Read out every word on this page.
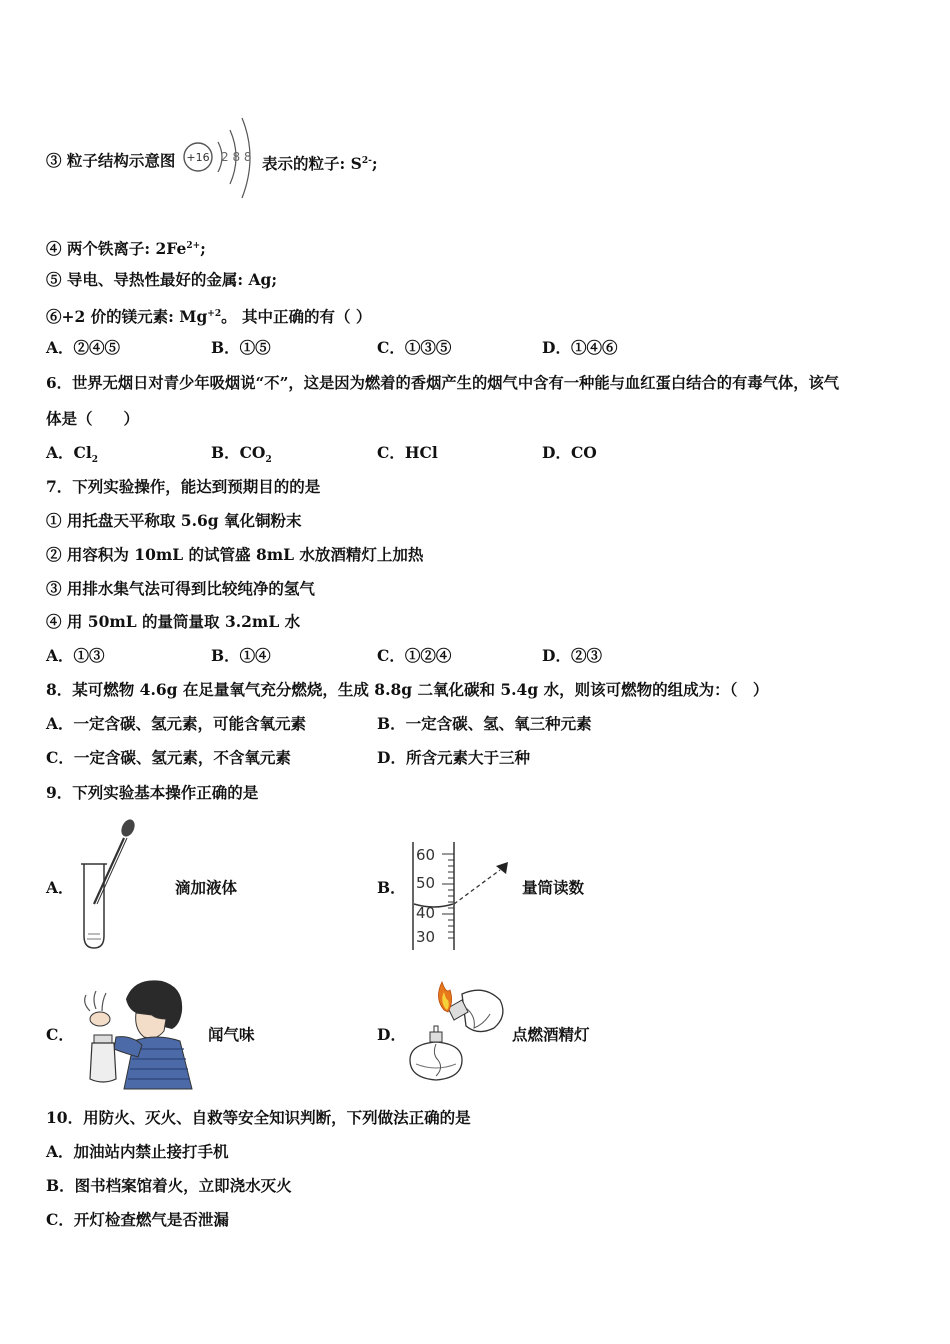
③ 粒子结构示意图 +16 2 8 8 表示的粒子: $S^{2-}$;
④ 两个铁离子: $2Fe^{2+}$;
⑤ 导电、导热性最好的金属: Ag;
⑥+2 价的镁元素: $Mg^{+2}$。 其中正确的有（ ）
A．②④⑤	B．①⑤	C．①③⑤	D．①④⑥
6．世界无烟日对青少年吸烟说“不”，这是因为燃着的香烟产生的烟气中含有一种能与血红蛋白结合的有毒气体，该气
体是（　　）
A．$Cl_2$	B．$CO_2$	C．HCl	D．CO
7．下列实验操作，能达到预期目的的是
① 用托盘天平称取 5.6g 氧化铜粉末
② 用容积为 10mL 的试管盛 8mL 水放酒精灯上加热
③ 用排水集气法可得到比较纯净的氢气
④ 用 50mL 的量筒量取 3.2mL 水
A．①③	B．①④	C．①②④	D．②③
8．某可燃物 4.6g 在足量氧气充分燃烧，生成 8.8g 二氧化碳和 5.4g 水，则该可燃物的组成为：（　）
A．一定含碳、氢元素，可能含氧元素	B．一定含碳、氢、氧三种元素
C．一定含碳、氢元素，不含氧元素	D．所含元素大于三种
9．下列实验基本操作正确的是
A．	滴加液体	B．
60
50
40
30
量筒读数
C．	闻气味	D．	点燃酒精灯
10．用防火、灭火、自救等安全知识判断，下列做法正确的是
A．加油站内禁止接打手机
B．图书档案馆着火，立即浇水灭火
C．开灯检查燃气是否泄漏
